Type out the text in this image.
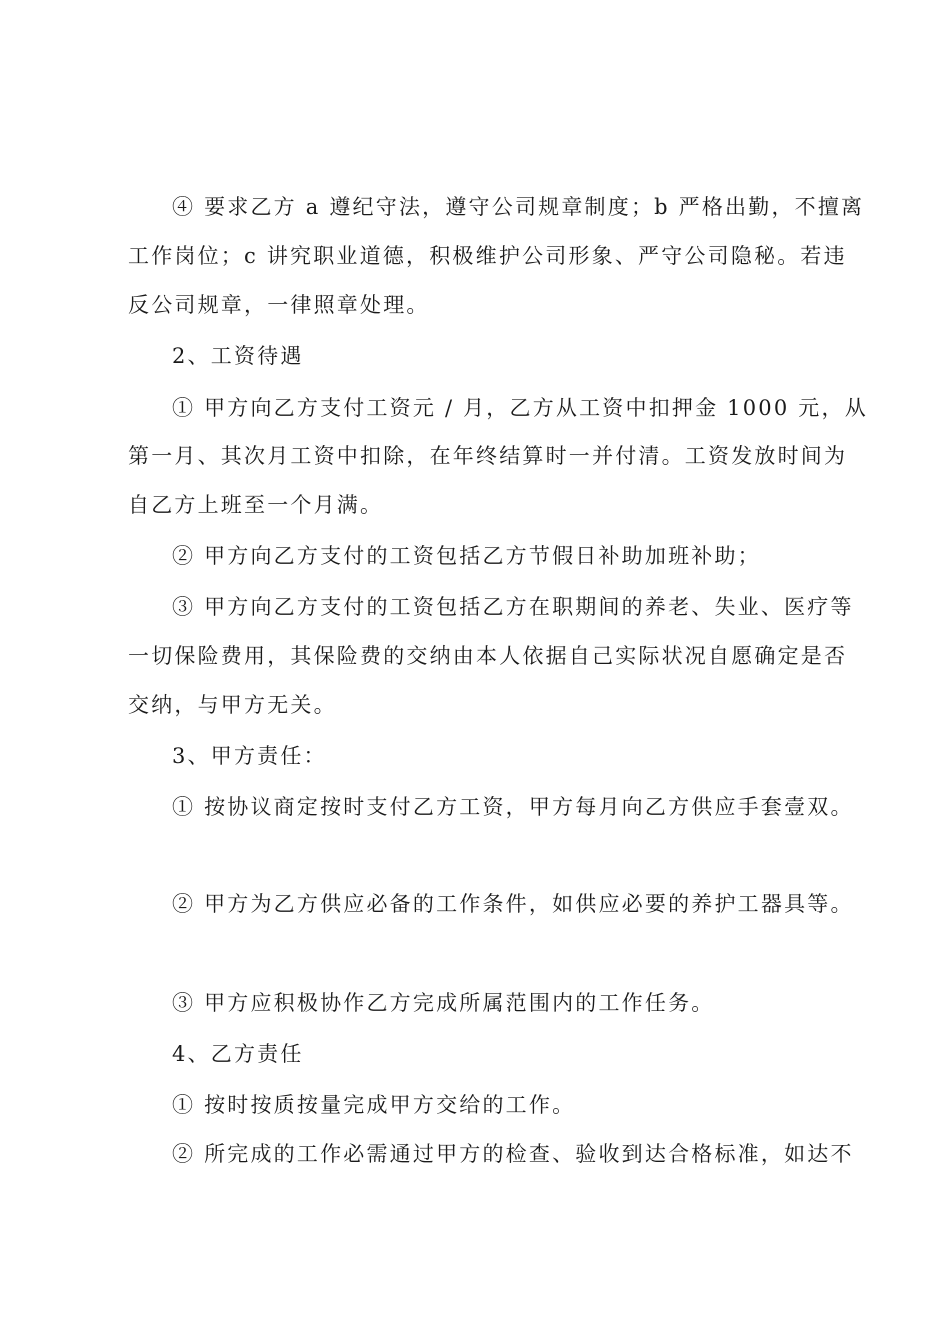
④ 要求乙方 a 遵纪守法，遵守公司规章制度；b 严格出勤，不擅离
工作岗位；c 讲究职业道德，积极维护公司形象、严守公司隐秘。若违
反公司规章，一律照章处理。
2、工资待遇
① 甲方向乙方支付工资元 / 月，乙方从工资中扣押金 1000 元，从
第一月、其次月工资中扣除，在年终结算时一并付清。工资发放时间为
自乙方上班至一个月满。
② 甲方向乙方支付的工资包括乙方节假日补助加班补助；
③ 甲方向乙方支付的工资包括乙方在职期间的养老、失业、医疗等
一切保险费用，其保险费的交纳由本人依据自己实际状况自愿确定是否
交纳，与甲方无关。
3、甲方责任：
① 按协议商定按时支付乙方工资，甲方每月向乙方供应手套壹双。
② 甲方为乙方供应必备的工作条件，如供应必要的养护工器具等。
③ 甲方应积极协作乙方完成所属范围内的工作任务。
4、乙方责任
① 按时按质按量完成甲方交给的工作。
② 所完成的工作必需通过甲方的检查、验收到达合格标准，如达不
